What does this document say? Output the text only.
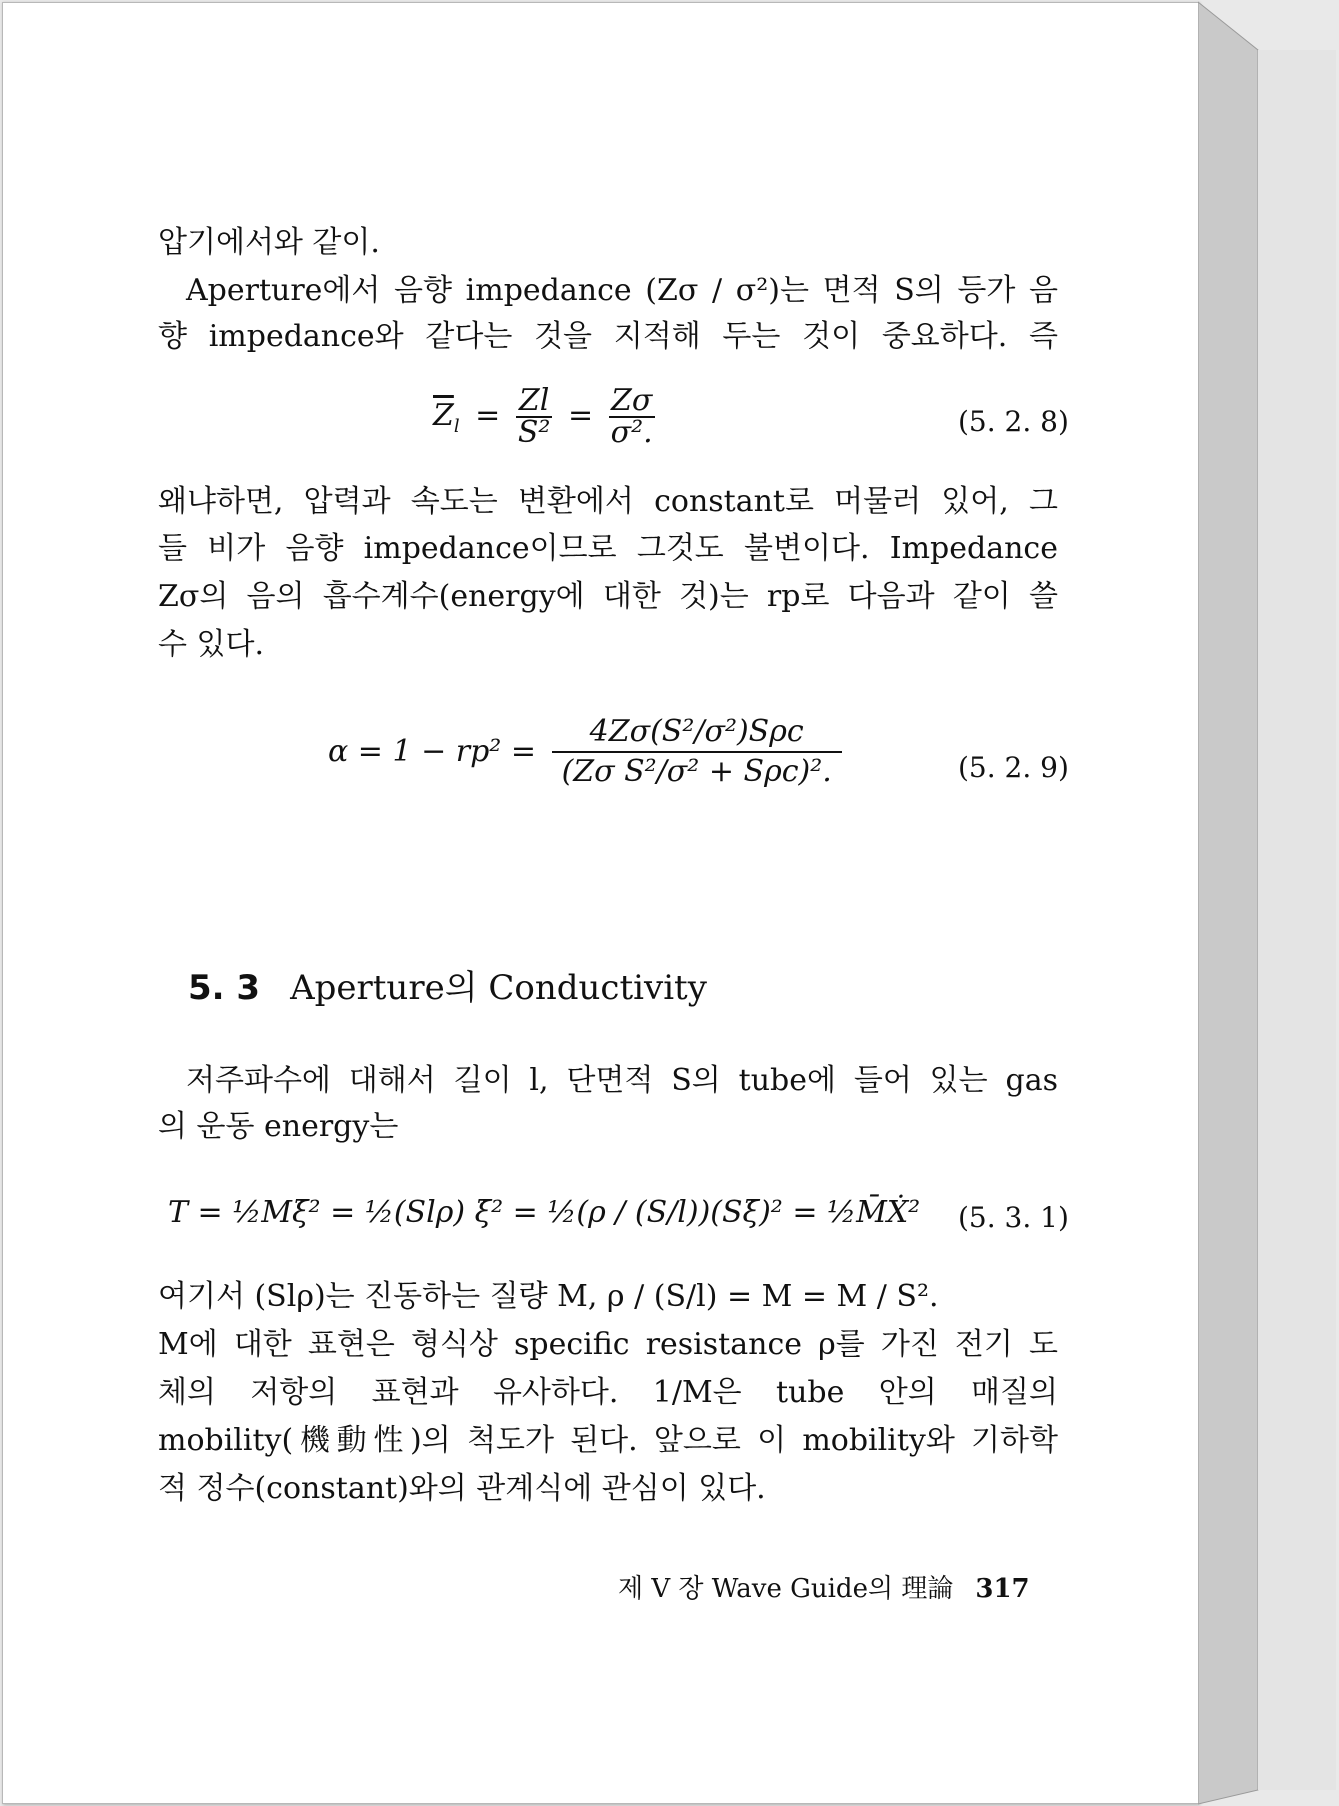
압기에서와 같이.
Aperture에서 음향 impedance (Zσ / σ²)는 면적 S의 등가 음
향 impedance와 같다는 것을 지적해 두는 것이 중요하다. 즉
왜냐하면, 압력과 속도는 변환에서 constant로 머물러 있어, 그
들 비가 음향 impedance이므로 그것도 불변이다. Impedance
Zσ의 음의 흡수계수(energy에 대한 것)는 rp로 다음과 같이 쓸
수 있다.
저주파수에 대해서 길이 l, 단면적 S의 tube에 들어 있는 gas
의 운동 energy는
여기서 (Slρ)는 진동하는 질량 M, ρ / (S/l) = M = M / S².
M에 대한 표현은 형식상 specific resistance ρ를 가진 전기 도
체의 저항의 표현과 유사하다. 1/M은 tube 안의 매질의
mobility(機動性)의 척도가 된다. 앞으로 이 mobility와 기하학
적 정수(constant)와의 관계식에 관심이 있다.
$\overline{Z}_l = \frac{Zl}{\text{S²}} = \frac{Z\sigma}{\text{σ².}}$	(5. 2. 8)
$\alpha = 1 - rp^2 = \frac{\text{4Zσ(S²/σ²)Sρc}}{\text{(Zσ S²/σ² + Sρc)².}}$	(5. 2. 9)
5. 3 Aperture의 Conductivity
T = ½Mξ̇² = ½(Slρ) ξ̇² = ½(ρ / (S/l))(Sξ̇)² = ½M̄Ẋ² (5. 3. 1)
제 V 장 Wave Guide의 理論 317
